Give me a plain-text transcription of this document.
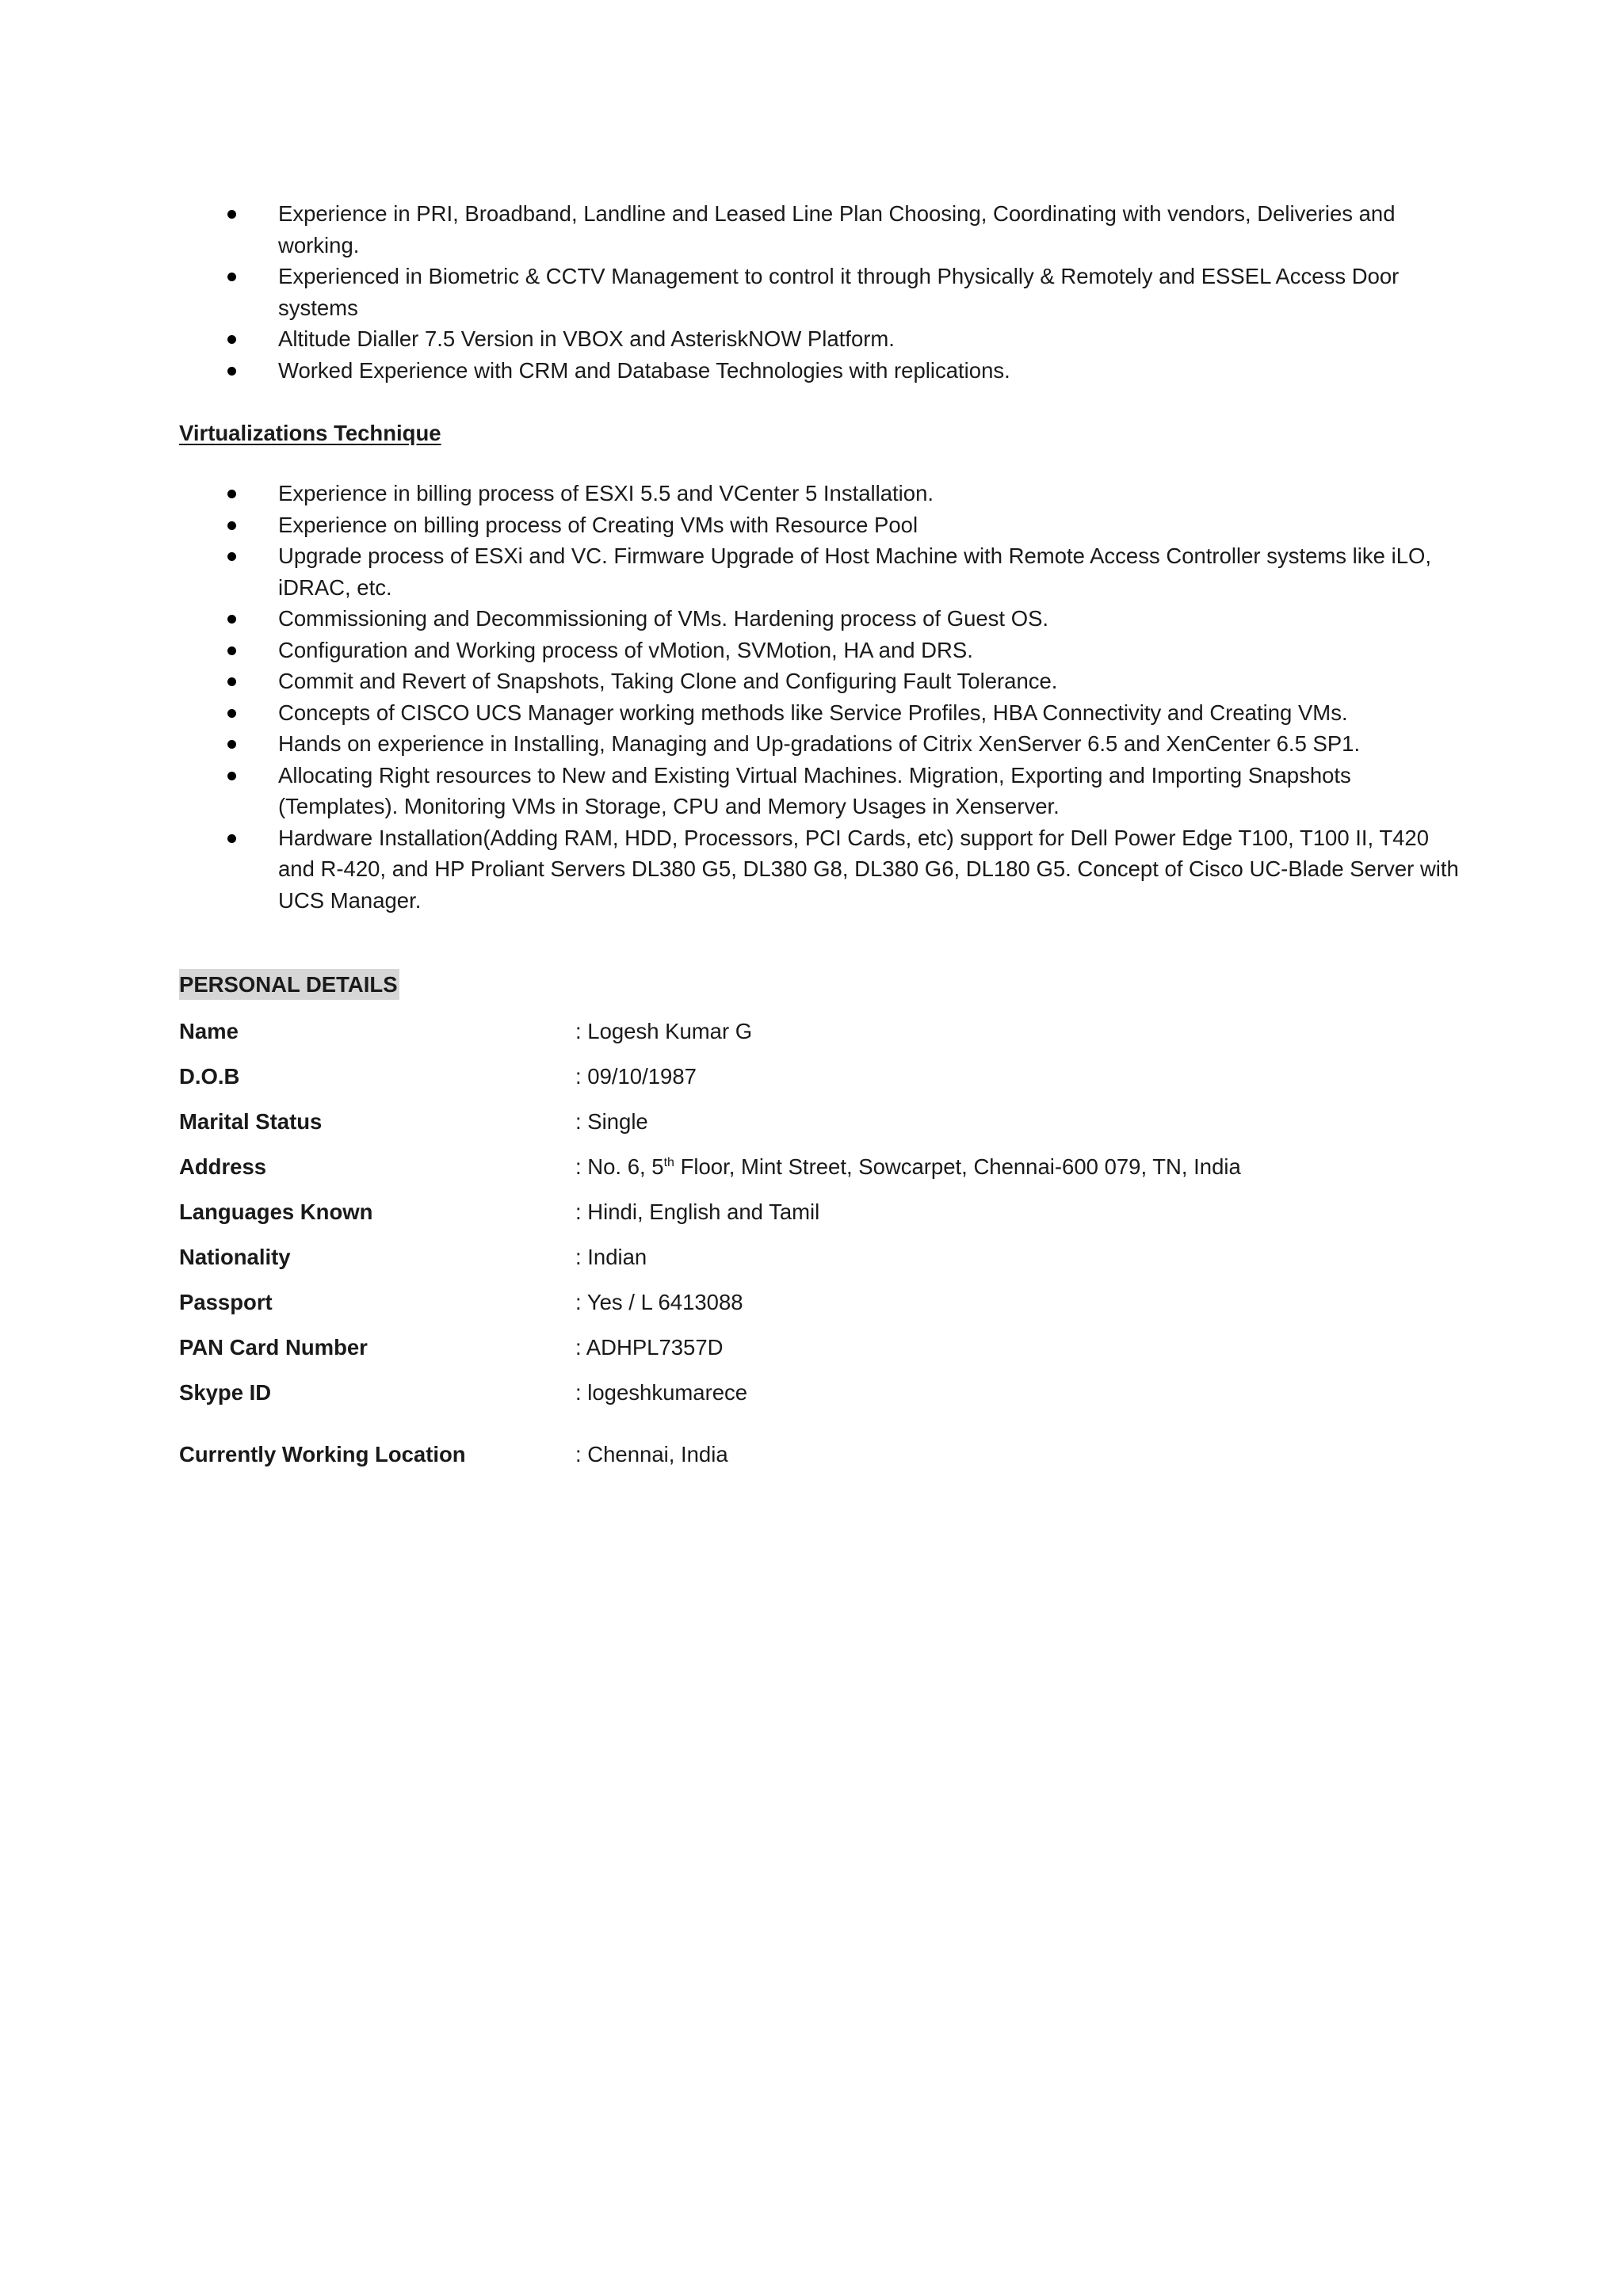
Experience in PRI, Broadband, Landline and Leased Line Plan Choosing, Coordinating with vendors, Deliveries and working.
Experienced in Biometric & CCTV Management to control it through Physically & Remotely and ESSEL Access Door systems
Altitude Dialler 7.5 Version in VBOX and AsteriskNOW Platform.
Worked Experience with CRM and Database Technologies with replications.
Virtualizations Technique
Experience in billing process of ESXI 5.5 and VCenter 5 Installation.
Experience on billing process of Creating VMs with Resource Pool
Upgrade process of ESXi and VC. Firmware Upgrade of Host Machine with Remote Access Controller systems like iLO, iDRAC, etc.
Commissioning and Decommissioning of VMs. Hardening process of Guest OS.
Configuration and Working process of vMotion, SVMotion, HA and DRS.
Commit and Revert of Snapshots, Taking Clone and Configuring Fault Tolerance.
Concepts of CISCO UCS Manager working methods like Service Profiles, HBA Connectivity and Creating VMs.
Hands on experience in Installing, Managing and Up-gradations of Citrix XenServer 6.5 and XenCenter 6.5 SP1.
Allocating Right resources to New and Existing Virtual Machines. Migration, Exporting and Importing Snapshots (Templates). Monitoring VMs in Storage, CPU and Memory Usages in Xenserver.
Hardware Installation(Adding RAM, HDD, Processors, PCI Cards, etc) support for Dell Power Edge T100, T100 II, T420 and R-420, and HP Proliant Servers DL380 G5, DL380 G8, DL380 G6, DL180 G5. Concept of Cisco UC-Blade Server with UCS Manager.
PERSONAL DETAILS
Name	: Logesh Kumar G
D.O.B	: 09/10/1987
Marital Status	: Single
Address	: No. 6, 5th Floor, Mint Street, Sowcarpet, Chennai-600 079, TN, India
Languages Known	: Hindi, English and Tamil
Nationality	: Indian
Passport	: Yes / L 6413088
PAN Card Number	: ADHPL7357D
Skype ID	: logeshkumarece
Currently Working Location	: Chennai, India
